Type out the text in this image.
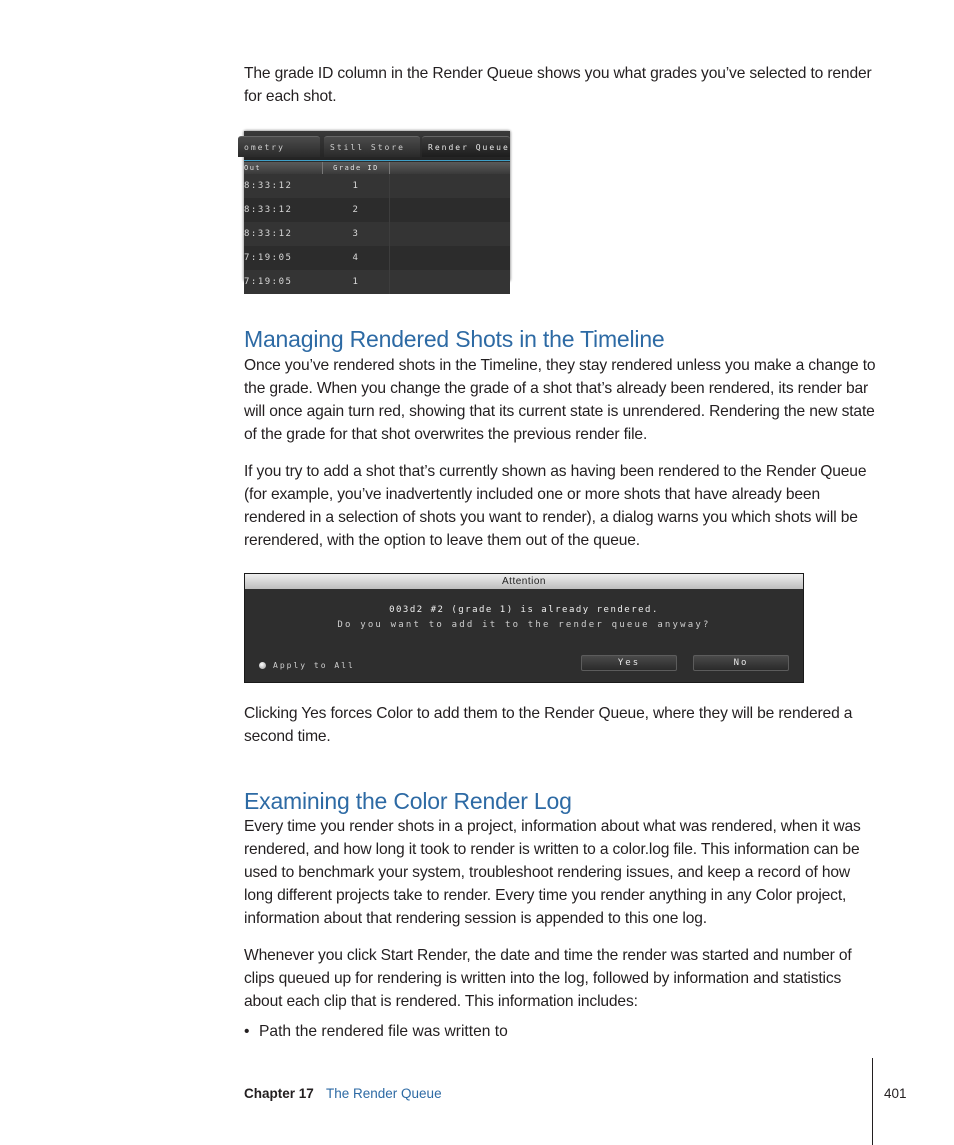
The grade ID column in the Render Queue shows you what grades you’ve selected to render for each shot.

ometry	Still Store	Render Queue
Out	Grade ID
8:33:12	1
8:33:12	2
8:33:12	3
7:19:05	4
7:19:05	1
Managing Rendered Shots in the Timeline

Once you’ve rendered shots in the Timeline, they stay rendered unless you make a change to the grade. When you change the grade of a shot that’s already been rendered, its render bar will once again turn red, showing that its current state is unrendered. Rendering the new state of the grade for that shot overwrites the previous render file.

If you try to add a shot that’s currently shown as having been rendered to the Render Queue (for example, you’ve inadvertently included one or more shots that have already been rendered in a selection of shots you want to render), a dialog warns you which shots will be rerendered, with the option to leave them out of the queue.

Attention
003d2 #2 (grade 1) is already rendered.
Do you want to add it to the render queue anyway?
Apply to All	Yes	No

Clicking Yes forces Color to add them to the Render Queue, where they will be rendered a second time.

Examining the Color Render Log

Every time you render shots in a project, information about what was rendered, when it was rendered, and how long it took to render is written to a color.log file. This information can be used to benchmark your system, troubleshoot rendering issues, and keep a record of how long different projects take to render. Every time you render anything in any Color project, information about that rendering session is appended to this one log.

Whenever you click Start Render, the date and time the render was started and number of clips queued up for rendering is written into the log, followed by information and statistics about each clip that is rendered. This information includes:

• Path the rendered file was written to
Chapter 17 The Render Queue	401
